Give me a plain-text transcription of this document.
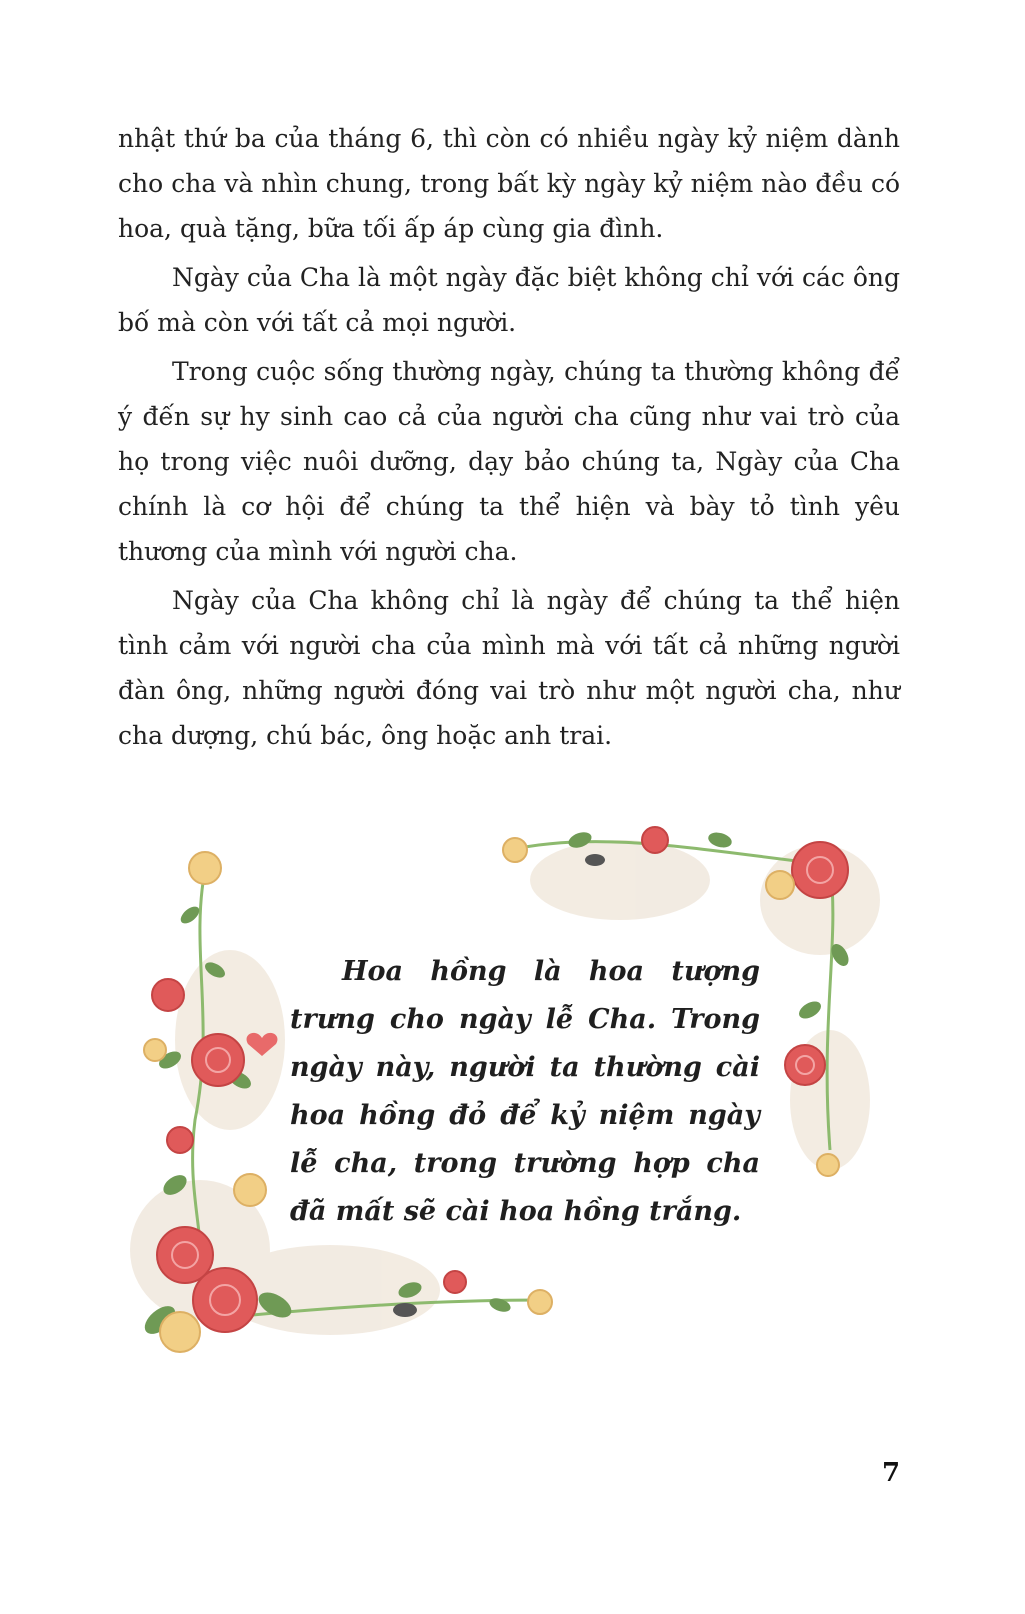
nhật thứ ba của tháng 6, thì còn có nhiều ngày kỷ niệm dành cho cha và nhìn chung, trong bất kỳ ngày kỷ niệm nào đều có hoa, quà tặng, bữa tối ấp áp cùng gia đình.

Ngày của Cha là một ngày đặc biệt không chỉ với các ông bố mà còn với tất cả mọi người.

Trong cuộc sống thường ngày, chúng ta thường không để ý đến sự hy sinh cao cả của người cha cũng như vai trò của họ trong việc nuôi dưỡng, dạy bảo chúng ta, Ngày của Cha chính là cơ hội để chúng ta thể hiện và bày tỏ tình yêu thương của mình với người cha.

Ngày của Cha không chỉ là ngày để chúng ta thể hiện tình cảm với người cha của mình mà với tất cả những người đàn ông, những người đóng vai trò như một người cha, như cha dượng, chú bác, ông hoặc anh trai.

Hoa hồng là hoa tượng trưng cho ngày lễ Cha. Trong ngày này, người ta thường cài hoa hồng đỏ để kỷ niệm ngày lễ cha, trong trường hợp cha đã mất sẽ cài hoa hồng trắng.

7
